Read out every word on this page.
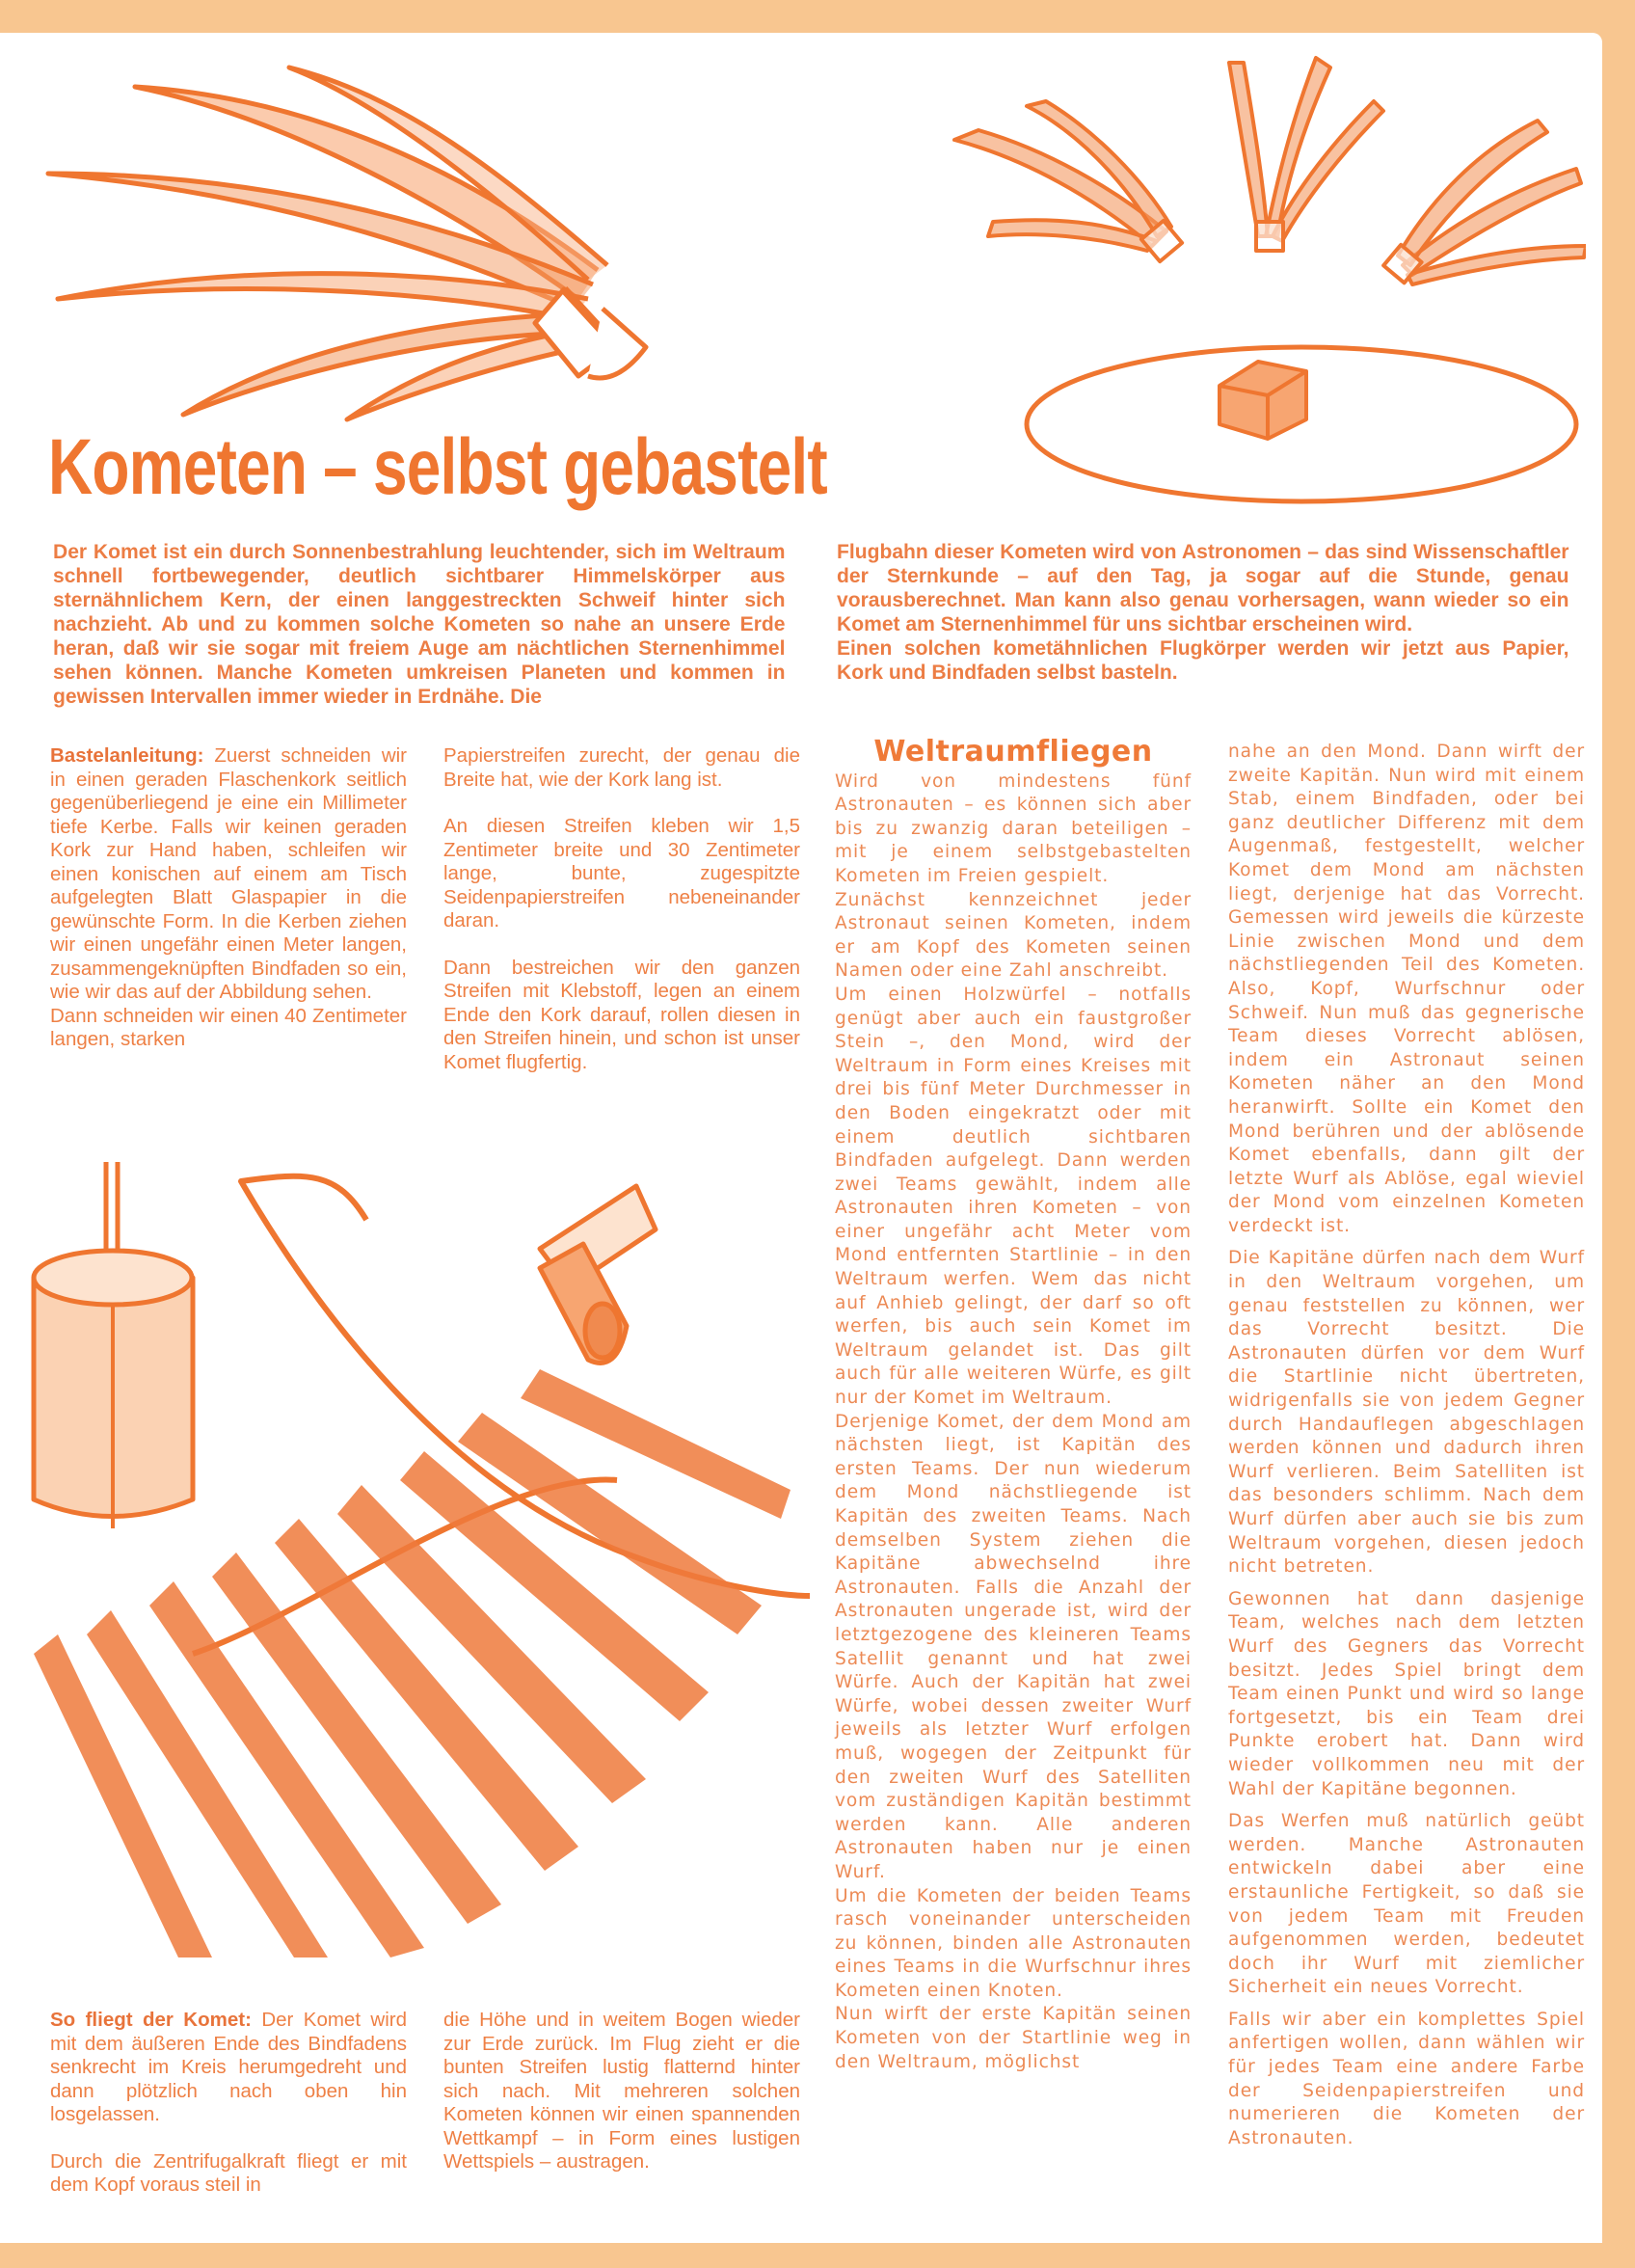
Kometen – selbst gebastelt

Der Komet ist ein durch Sonnenbestrahlung leuchtender, sich im Weltraum schnell fortbewegender, deutlich sichtbarer Himmelskörper aus sternähnlichem Kern, der einen langgestreckten Schweif hinter sich nachzieht. Ab und zu kommen solche Kometen so nahe an unsere Erde heran, daß wir sie sogar mit freiem Auge am nächtlichen Sternenhimmel sehen können. Manche Kometen umkreisen Planeten und kommen in gewissen Intervallen immer wieder in Erdnähe. Die

Flugbahn dieser Kometen wird von Astronomen – das sind Wissenschaftler der Sternkunde – auf den Tag, ja sogar auf die Stunde, genau vorausberechnet. Man kann also genau vorhersagen, wann wieder so ein Komet am Sternenhimmel für uns sichtbar erscheinen wird.

Einen solchen kometähnlichen Flugkörper werden wir jetzt aus Papier, Kork und Bindfaden selbst basteln.

Bastelanleitung: Zuerst schneiden wir in einen geraden Flaschenkork seitlich gegenüberliegend je eine ein Millimeter tiefe Kerbe. Falls wir keinen geraden Kork zur Hand haben, schleifen wir einen konischen auf einem am Tisch aufgelegten Blatt Glaspapier in die gewünschte Form. In die Kerben ziehen wir einen ungefähr einen Meter langen, zusammengeknüpften Bindfaden so ein, wie wir das auf der Abbildung sehen.

Dann schneiden wir einen 40 Zentimeter langen, starken

Papierstreifen zurecht, der genau die Breite hat, wie der Kork lang ist.

An diesen Streifen kleben wir 1,5 Zentimeter breite und 30 Zentimeter lange, bunte, zugespitzte Seidenpapierstreifen nebeneinander daran.

Dann bestreichen wir den ganzen Streifen mit Klebstoff, legen an einem Ende den Kork darauf, rollen diesen in den Streifen hinein, und schon ist unser Komet flugfertig.

So fliegt der Komet: Der Komet wird mit dem äußeren Ende des Bindfadens senkrecht im Kreis herumgedreht und dann plötzlich nach oben hin losgelassen.

Durch die Zentrifugalkraft fliegt er mit dem Kopf voraus steil in

die Höhe und in weitem Bogen wieder zur Erde zurück. Im Flug zieht er die bunten Streifen lustig flatternd hinter sich nach. Mit mehreren solchen Kometen können wir einen spannenden Wettkampf – in Form eines lustigen Wettspiels – austragen.

Weltraumfliegen

Wird von mindestens fünf Astronauten – es können sich aber bis zu zwanzig daran beteiligen – mit je einem selbstgebastelten Kometen im Freien gespielt.

Zunächst kennzeichnet jeder Astronaut seinen Kometen, indem er am Kopf des Kometen seinen Namen oder eine Zahl anschreibt.

Um einen Holzwürfel – notfalls genügt aber auch ein faustgroßer Stein –, den Mond, wird der Weltraum in Form eines Kreises mit drei bis fünf Meter Durchmesser in den Boden eingekratzt oder mit einem deutlich sichtbaren Bindfaden aufgelegt. Dann werden zwei Teams gewählt, indem alle Astronauten ihren Kometen – von einer ungefähr acht Meter vom Mond entfernten Startlinie – in den Weltraum werfen. Wem das nicht auf Anhieb gelingt, der darf so oft werfen, bis auch sein Komet im Weltraum gelandet ist. Das gilt auch für alle weiteren Würfe, es gilt nur der Komet im Weltraum.

Derjenige Komet, der dem Mond am nächsten liegt, ist Kapitän des ersten Teams. Der nun wiederum dem Mond nächstliegende ist Kapitän des zweiten Teams. Nach demselben System ziehen die Kapitäne abwechselnd ihre Astronauten. Falls die Anzahl der Astronauten ungerade ist, wird der letztgezogene des kleineren Teams Satellit genannt und hat zwei Würfe. Auch der Kapitän hat zwei Würfe, wobei dessen zweiter Wurf jeweils als letzter Wurf erfolgen muß, wogegen der Zeitpunkt für den zweiten Wurf des Satelliten vom zuständigen Kapitän bestimmt werden kann. Alle anderen Astronauten haben nur je einen Wurf.

Um die Kometen der beiden Teams rasch voneinander unterscheiden zu können, binden alle Astronauten eines Teams in die Wurfschnur ihres Kometen einen Knoten.

Nun wirft der erste Kapitän seinen Kometen von der Startlinie weg in den Weltraum, möglichst

nahe an den Mond. Dann wirft der zweite Kapitän. Nun wird mit einem Stab, einem Bindfaden, oder bei ganz deutlicher Differenz mit dem Augenmaß, festgestellt, welcher Komet dem Mond am nächsten liegt, derjenige hat das Vorrecht. Gemessen wird jeweils die kürzeste Linie zwischen Mond und dem nächstliegenden Teil des Kometen. Also, Kopf, Wurfschnur oder Schweif. Nun muß das gegnerische Team dieses Vorrecht ablösen, indem ein Astronaut seinen Kometen näher an den Mond heranwirft. Sollte ein Komet den Mond berühren und der ablösende Komet ebenfalls, dann gilt der letzte Wurf als Ablöse, egal wieviel der Mond vom einzelnen Kometen verdeckt ist.

Die Kapitäne dürfen nach dem Wurf in den Weltraum vorgehen, um genau feststellen zu können, wer das Vorrecht besitzt. Die Astronauten dürfen vor dem Wurf die Startlinie nicht übertreten, widrigenfalls sie von jedem Gegner durch Handauflegen abgeschlagen werden können und dadurch ihren Wurf verlieren. Beim Satelliten ist das besonders schlimm. Nach dem Wurf dürfen aber auch sie bis zum Weltraum vorgehen, diesen jedoch nicht betreten.

Gewonnen hat dann dasjenige Team, welches nach dem letzten Wurf des Gegners das Vorrecht besitzt. Jedes Spiel bringt dem Team einen Punkt und wird so lange fortgesetzt, bis ein Team drei Punkte erobert hat. Dann wird wieder vollkommen neu mit der Wahl der Kapitäne begonnen.

Das Werfen muß natürlich geübt werden. Manche Astronauten entwickeln dabei aber eine erstaunliche Fertigkeit, so daß sie von jedem Team mit Freuden aufgenommen werden, bedeutet doch ihr Wurf mit ziemlicher Sicherheit ein neues Vorrecht.

Falls wir aber ein komplettes Spiel anfertigen wollen, dann wählen wir für jedes Team eine andere Farbe der Seidenpapierstreifen und numerieren die Kometen der Astronauten.
